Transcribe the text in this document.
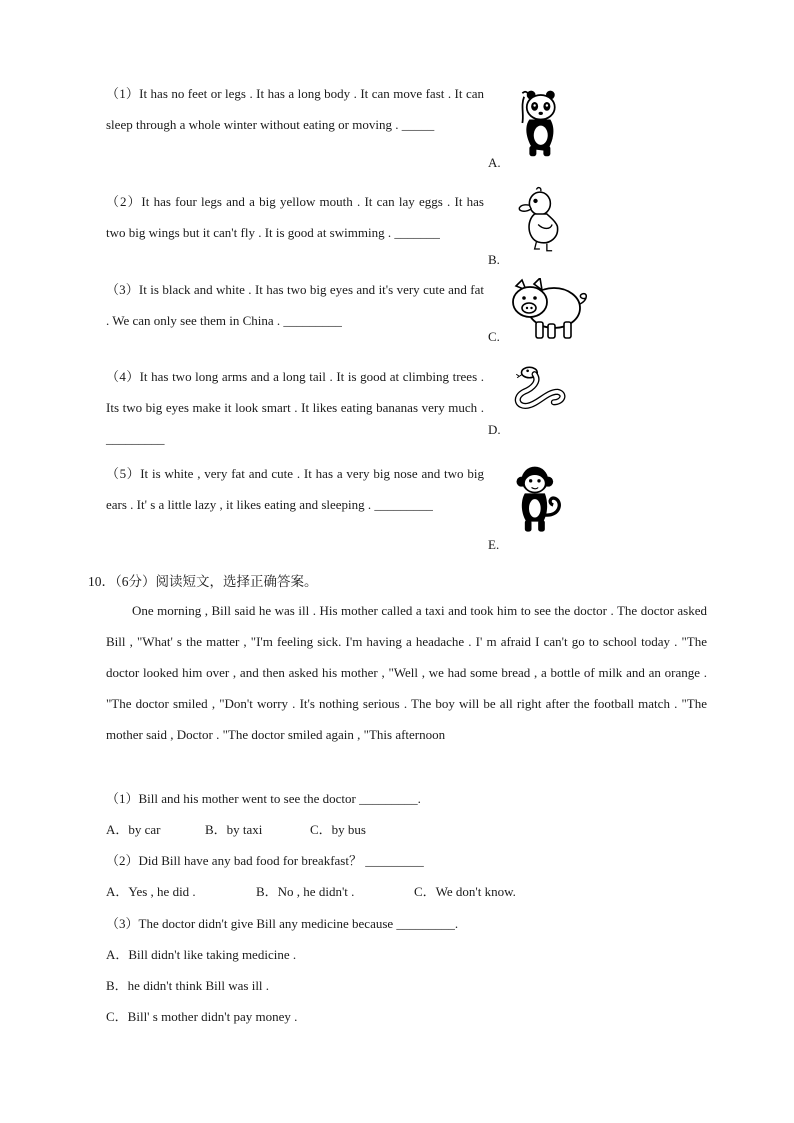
（1）It has no feet or legs . It has a long body . It can move fast . It can sleep through a whole winter without eating or moving . _____
（2）It has four legs and a big yellow mouth . It can lay eggs . It has two big wings but it can't fly . It is good at swimming . _______
（3）It is black and white . It has two big eyes and it's very cute and fat . We can only see them in China . _________
（4）It has two long arms and a long tail . It is good at climbing trees . Its two big eyes make it look smart . It likes eating bananas very much . _________
（5）It is white , very fat and cute . It has a very big nose and two big ears . It' s a little lazy , it likes eating and sleeping . _________
A.
B.
C.
D.
E.
10．（6分）阅读短文，选择正确答案。
One morning , Bill said he was ill . His mother called a taxi and took him to see the doctor . The doctor asked Bill , "What' s the matter , "I'm feeling sick. I'm having a headache . I' m afraid I can't go to school today . "The doctor looked him over , and then asked his mother , "Well , we had some bread , a bottle of milk and an orange . "The doctor smiled , "Don't worry . It's nothing serious . The boy will be all right after the football match . "The mother said , Doctor . "The doctor smiled again , "This afternoon
（1）Bill and his mother went to see the doctor _________.
A．by car	B．by taxi	C．by bus
（2）Did Bill have any bad food for breakfast？ _________
A．Yes , he did .	B．No , he didn't .	C．We don't know.
（3）The doctor didn't give Bill any medicine because _________.
A．Bill didn't like taking medicine .
B．he didn't think Bill was ill .
C．Bill' s mother didn't pay money .
